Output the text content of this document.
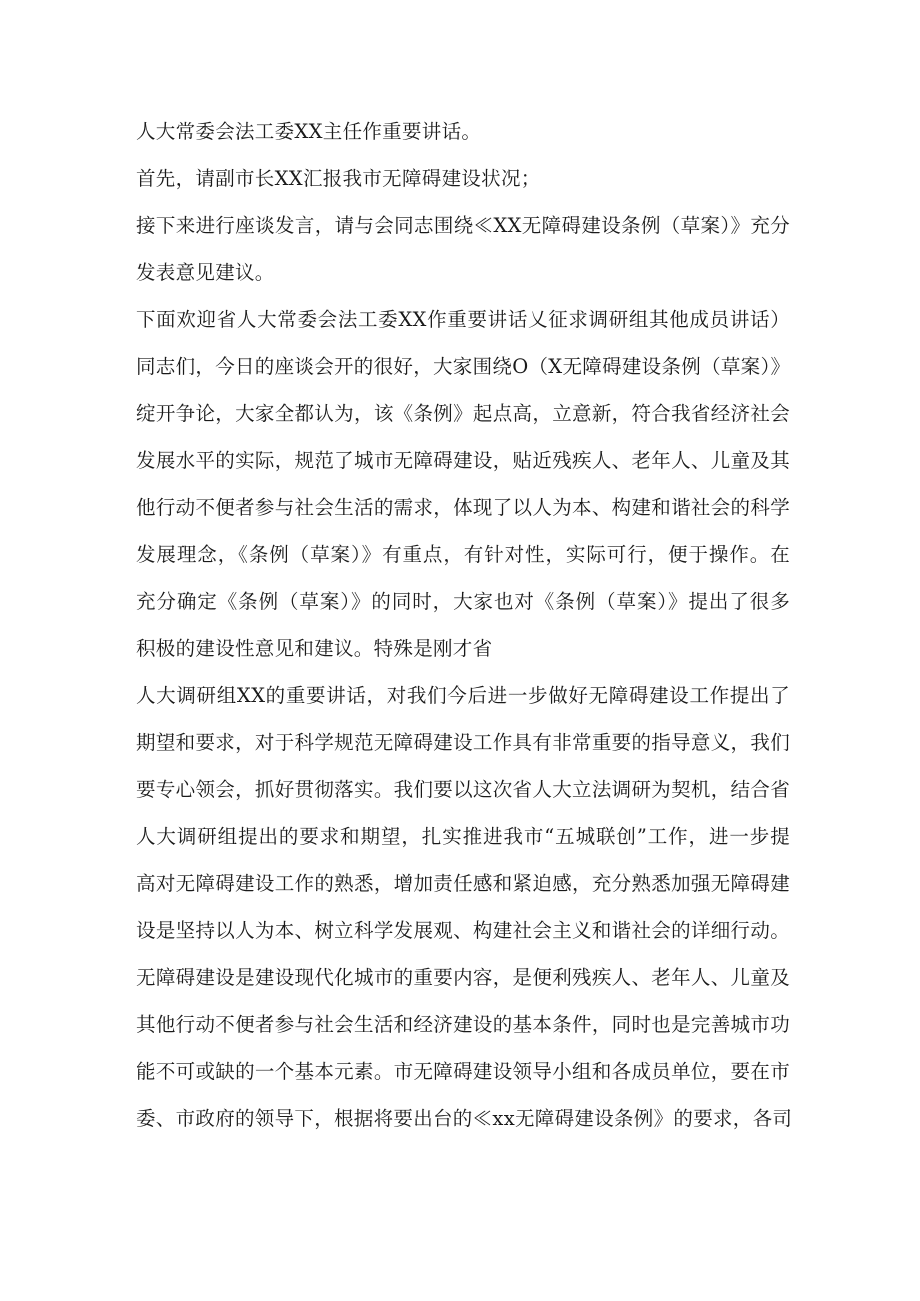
人大常委会法工委XX主任作重要讲话。
首先，请副市长XX汇报我市无障碍建设状况；
接下来进行座谈发言，请与会同志围绕≪XX无障碍建设条例（草案）》充分
发表意见建议。
下面欢迎省人大常委会法工委XX作重要讲话乂征求调研组其他成员讲话）
同志们，今日的座谈会开的很好，大家围绕O（X无障碍建设条例（草案）》
绽开争论，大家全都认为，该《条例》起点高，立意新，符合我省经济社会
发展水平的实际，规范了城市无障碍建设，贴近残疾人、老年人、儿童及其
他行动不便者参与社会生活的需求，体现了以人为本、构建和谐社会的科学
发展理念，《条例（草案）》有重点，有针对性，实际可行，便于操作。在
充分确定《条例（草案）》的同时，大家也对《条例（草案）》提出了很多
积极的建设性意见和建议。特殊是刚才省
人大调研组XX的重要讲话，对我们今后进一步做好无障碍建设工作提出了
期望和要求，对于科学规范无障碍建设工作具有非常重要的指导意义，我们
要专心领会，抓好贯彻落实。我们要以这次省人大立法调研为契机，结合省
人大调研组提出的要求和期望，扎实推进我市“五城联创”工作，进一步提
高对无障碍建设工作的熟悉，增加责任感和紧迫感，充分熟悉加强无障碍建
设是坚持以人为本、树立科学发展观、构建社会主义和谐社会的详细行动。
无障碍建设是建设现代化城市的重要内容，是便利残疾人、老年人、儿童及
其他行动不便者参与社会生活和经济建设的基本条件，同时也是完善城市功
能不可或缺的一个基本元素。市无障碍建设领导小组和各成员单位，要在市
委、市政府的领导下，根据将要出台的≪xx无障碍建设条例》的要求，各司
